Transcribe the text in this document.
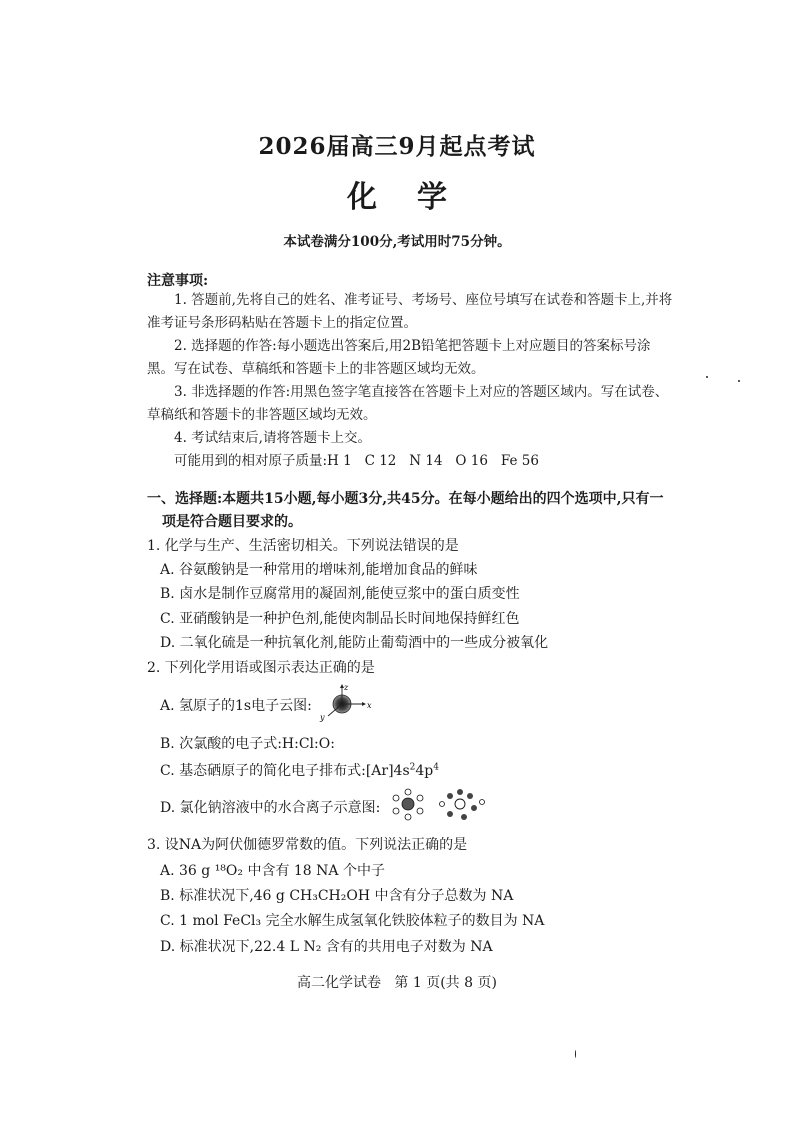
2026届高三9月起点考试
化学
本试卷满分100分,考试用时75分钟。
注意事项:
1. 答题前,先将自己的姓名、准考证号、考场号、座位号填写在试卷和答题卡上,并将
准考证号条形码粘贴在答题卡上的指定位置。
2. 选择题的作答:每小题选出答案后,用2B铅笔把答题卡上对应题目的答案标号涂
黑。写在试卷、草稿纸和答题卡上的非答题区域均无效。
3. 非选择题的作答:用黑色签字笔直接答在答题卡上对应的答题区域内。写在试卷、
草稿纸和答题卡的非答题区域均无效。
4. 考试结束后,请将答题卡上交。
可能用到的相对原子质量:H 1   C 12   N 14   O 16   Fe 56
一、选择题:本题共15小题,每小题3分,共45分。在每小题给出的四个选项中,只有一
项是符合题目要求的。
1. 化学与生产、生活密切相关。下列说法错误的是
A. 谷氨酸钠是一种常用的增味剂,能增加食品的鲜味
B. 卤水是制作豆腐常用的凝固剂,能使豆浆中的蛋白质变性
C. 亚硝酸钠是一种护色剂,能使肉制品长时间地保持鲜红色
D. 二氧化硫是一种抗氧化剂,能防止葡萄酒中的一些成分被氧化
2. 下列化学用语或图示表达正确的是
A. 氢原子的1s电子云图:
z
x
y
B. 次氯酸的电子式:H:Cl:O:
C. 基态硒原子的简化电子排布式$:[Ar]4s^24p^4$
D. 氯化钠溶液中的水合离子示意图:
3. 设NA为阿伏伽德罗常数的值。下列说法正确的是
A. 36 g ¹⁸O₂ 中含有 18 NA 个中子
B. 标准状况下,46 g CH₃CH₂OH 中含有分子总数为 NA
C. 1 mol FeCl₃ 完全水解生成氢氧化铁胶体粒子的数目为 NA
D. 标准状况下,22.4 L N₂ 含有的共用电子对数为 NA
高二化学试卷   第 1 页(共 8 页)
